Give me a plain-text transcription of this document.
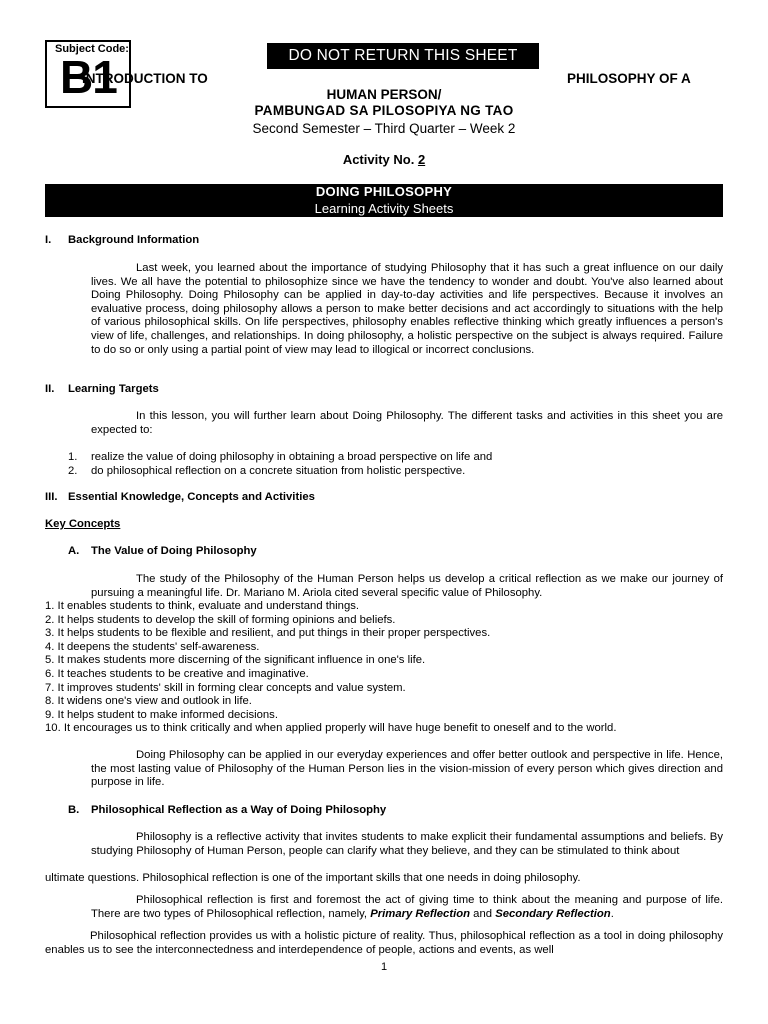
Subject Code:
B1	DO NOT RETURN THIS SHEET
INTRODUCTION TO	PHILOSOPHY OF A
HUMAN PERSON/
PAMBUNGAD SA PILOSOPIYA NG TAO
Second Semester – Third Quarter – Week 2
Activity No. 2
DOING PHILOSOPHY
Learning Activity Sheets
I. Background Information
Last week, you learned about the importance of studying Philosophy that it has such a great influence on our daily lives. We all have the potential to philosophize since we have the tendency to wonder and doubt. You've also learned about Doing Philosophy. Doing Philosophy can be applied in day-to-day activities and life perspectives. Because it involves an evaluative process, doing philosophy allows a person to make better decisions and act accordingly to situations with the help of various philosophical skills. On life perspectives, philosophy enables reflective thinking which greatly influences a person's view of life, challenges, and relationships. In doing philosophy, a holistic perspective on the subject is always required. Failure to do so or only using a partial point of view may lead to illogical or incorrect conclusions.
II. Learning Targets
In this lesson, you will further learn about Doing Philosophy. The different tasks and activities in this sheet you are expected to:
1. realize the value of doing philosophy in obtaining a broad perspective on life and
2. do philosophical reflection on a concrete situation from holistic perspective.
III. Essential Knowledge, Concepts and Activities
Key Concepts
A. The Value of Doing Philosophy
The study of the Philosophy of the Human Person helps us develop a critical reflection as we make our journey of pursuing a meaningful life. Dr. Mariano M. Ariola cited several specific value of Philosophy.
1. It enables students to think, evaluate and understand things.
2. It helps students to develop the skill of forming opinions and beliefs.
3. It helps students to be flexible and resilient, and put things in their proper perspectives.
4. It deepens the students' self-awareness.
5. It makes students more discerning of the significant influence in one's life.
6. It teaches students to be creative and imaginative.
7. It improves students' skill in forming clear concepts and value system.
8. It widens one's view and outlook in life.
9. It helps student to make informed decisions.
10. It encourages us to think critically and when applied properly will have huge benefit to oneself and to the world.
Doing Philosophy can be applied in our everyday experiences and offer better outlook and perspective in life. Hence, the most lasting value of Philosophy of the Human Person lies in the vision-mission of every person which gives direction and purpose in life.
B. Philosophical Reflection as a Way of Doing Philosophy
Philosophy is a reflective activity that invites students to make explicit their fundamental assumptions and beliefs. By studying Philosophy of Human Person, people can clarify what they believe, and they can be stimulated to think about
ultimate questions. Philosophical reflection is one of the important skills that one needs in doing philosophy.
Philosophical reflection is first and foremost the act of giving time to think about the meaning and purpose of life. There are two types of Philosophical reflection, namely, Primary Reflection and Secondary Reflection.
Philosophical reflection provides us with a holistic picture of reality. Thus, philosophical reflection as a tool in doing philosophy enables us to see the interconnectedness and interdependence of people, actions and events, as well
1
